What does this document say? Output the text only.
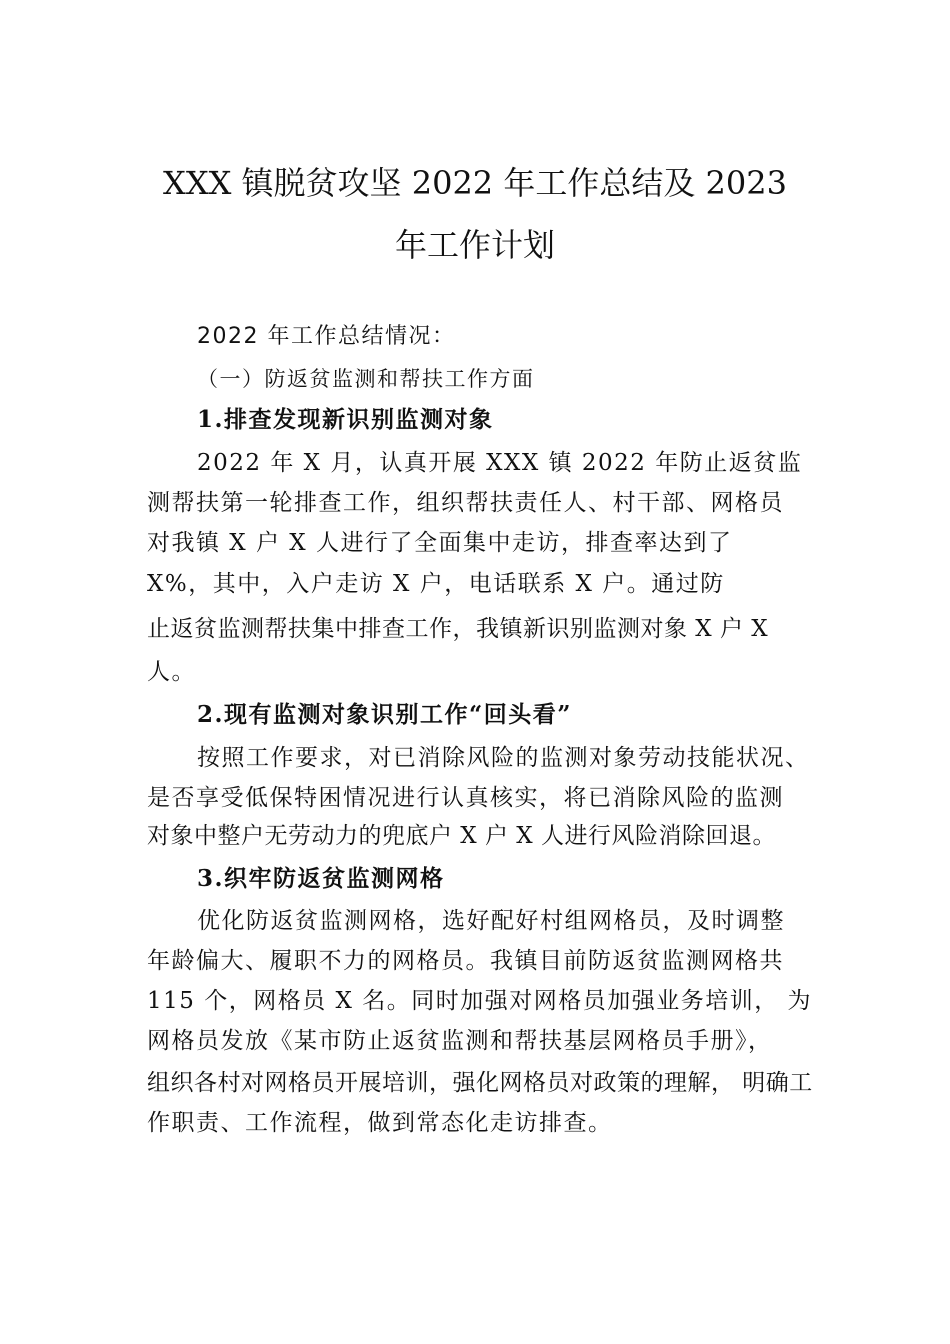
XXX 镇脱贫攻坚 2022 年工作总结及 2023
年工作计划
2022 年工作总结情况：
（一）防返贫监测和帮扶工作方面
1.排查发现新识别监测对象
2022 年 X 月，认真开展 XXX 镇 2022 年防止返贫监
测帮扶第一轮排查工作，组织帮扶责任人、村干部、网格员
对我镇 X 户 X 人进行了全面集中走访，排查率达到了
X%，其中，入户走访 X 户，电话联系 X 户。通过防
止返贫监测帮扶集中排查工作，我镇新识别监测对象 X 户 X
人。
2.现有监测对象识别工作“回头看”
按照工作要求，对已消除风险的监测对象劳动技能状况、
是否享受低保特困情况进行认真核实，将已消除风险的监测
对象中整户无劳动力的兜底户 X 户 X 人进行风险消除回退。
3.织牢防返贫监测网格
优化防返贫监测网格，选好配好村组网格员，及时调整
年龄偏大、履职不力的网格员。我镇目前防返贫监测网格共
115 个，网格员 X 名。同时加强对网格员加强业务培训， 为
网格员发放《某市防止返贫监测和帮扶基层网格员手册》，
组织各村对网格员开展培训，强化网格员对政策的理解， 明确工
作职责、工作流程，做到常态化走访排查。
